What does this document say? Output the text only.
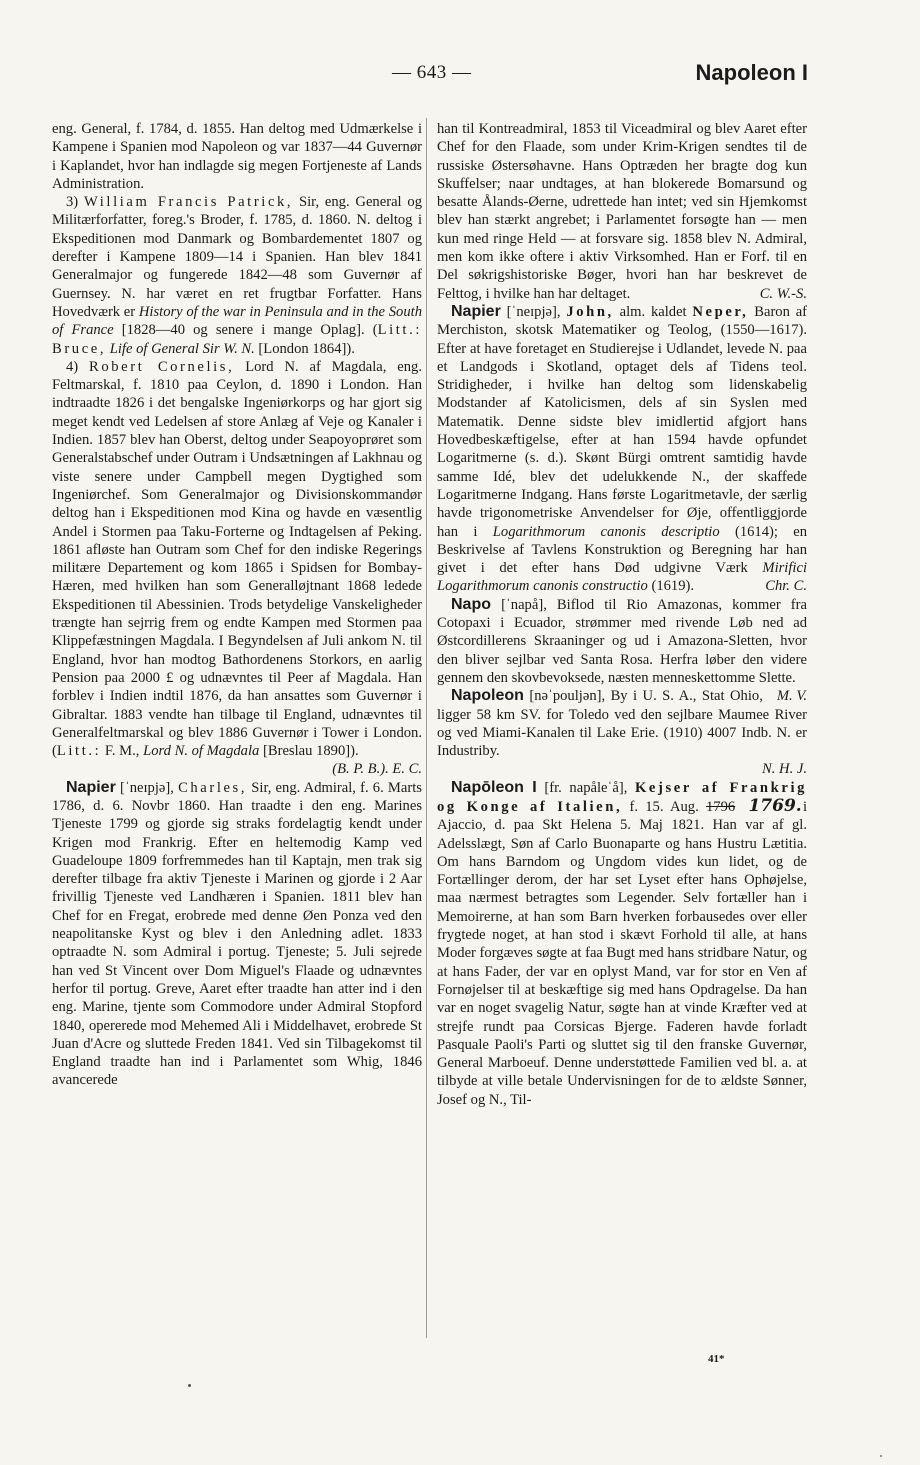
— 643 —	Napoleon I

eng. General, f. 1784, d. 1855. Han deltog med Udmærkelse i Kampene i Spanien mod Napoleon og var 1837—44 Guvernør i Kaplandet, hvor han indlagde sig megen Fortjeneste af Lands Administration.

3) William Francis Patrick, Sir, eng. General og Militærforfatter, foreg.'s Broder, f. 1785, d. 1860. N. deltog i Ekspeditionen mod Danmark og Bombardementet 1807 og derefter i Kampene 1809—14 i Spanien. Han blev 1841 Generalmajor og fungerede 1842—48 som Guvernør af Guernsey. N. har været en ret frugtbar Forfatter. Hans Hovedværk er History of the war in Peninsula and in the South of France [1828—40 og senere i mange Oplag]. (Litt.: Bruce, Life of General Sir W. N. [London 1864]).

4) Robert Cornelis, Lord N. af Magdala, eng. Feltmarskal, f. 1810 paa Ceylon, d. 1890 i London. Han indtraadte 1826 i det bengalske Ingeniørkorps og har gjort sig meget kendt ved Ledelsen af store Anlæg af Veje og Kanaler i Indien. 1857 blev han Oberst, deltog under Seapoyoprøret som Generalstabschef under Outram i Undsætningen af Lakhnau og viste senere under Campbell megen Dygtighed som Ingeniørchef. Som Generalmajor og Divisionskommandør deltog han i Ekspeditionen mod Kina og havde en væsentlig Andel i Stormen paa Taku-Forterne og Indtagelsen af Peking. 1861 afløste han Outram som Chef for den indiske Regerings militære Departement og kom 1865 i Spidsen for Bombay-Hæren, med hvilken han som Generalløjtnant 1868 ledede Ekspeditionen til Abessinien. Trods betydelige Vanskeligheder trængte han sejrrig frem og endte Kampen med Stormen paa Klippefæstningen Magdala. I Begyndelsen af Juli ankom N. til England, hvor han modtog Bathordenens Storkors, en aarlig Pension paa 2000 £ og udnævntes til Peer af Magdala. Han forblev i Indien indtil 1876, da han ansattes som Guvernør i Gibraltar. 1883 vendte han tilbage til England, udnævntes til Generalfeltmarskal og blev 1886 Guvernør i Tower i London. (Litt.: F. M., Lord N. of Magdala [Breslau 1890]).

(B. P. B.). E. C.

Napier [ˈneɪpjə], Charles, Sir, eng. Admiral, f. 6. Marts 1786, d. 6. Novbr 1860. Han traadte i den eng. Marines Tjeneste 1799 og gjorde sig straks fordelagtig kendt under Krigen mod Frankrig. Efter en heltemodig Kamp ved Guadeloupe 1809 forfremmedes han til Kaptajn, men trak sig derefter tilbage fra aktiv Tjeneste i Marinen og gjorde i 2 Aar frivillig Tjeneste ved Landhæren i Spanien. 1811 blev han Chef for en Fregat, erobrede med denne Øen Ponza ved den neapolitanske Kyst og blev i den Anledning adlet. 1833 optraadte N. som Admiral i portug. Tjeneste; 5. Juli sejrede han ved St Vincent over Dom Miguel's Flaade og udnævntes herfor til portug. Greve, Aaret efter traadte han atter ind i den eng. Marine, tjente som Commodore under Admiral Stopford 1840, opererede mod Mehemed Ali i Middelhavet, erobrede St Juan d'Acre og sluttede Freden 1841. Ved sin Tilbagekomst til England traadte han ind i Parlamentet som Whig, 1846 avancerede

han til Kontreadmiral, 1853 til Viceadmiral og blev Aaret efter Chef for den Flaade, som under Krim-Krigen sendtes til de russiske Østersøhavne. Hans Optræden her bragte dog kun Skuffelser; naar undtages, at han blokerede Bomarsund og besatte Ålands-Øerne, udrettede han intet; ved sin Hjemkomst blev han stærkt angrebet; i Parlamentet forsøgte han — men kun med ringe Held — at forsvare sig. 1858 blev N. Admiral, men kom ikke oftere i aktiv Virksomhed. Han er Forf. til en Del søkrigshistoriske Bøger, hvori han har beskrevet de Felttog, i hvilke han har deltaget.	C. W.-S.

Napier [ˈneɪpjə], John, alm. kaldet Neper, Baron af Merchiston, skotsk Matematiker og Teolog, (1550—1617). Efter at have foretaget en Studierejse i Udlandet, levede N. paa et Landgods i Skotland, optaget dels af Tidens teol. Stridigheder, i hvilke han deltog som lidenskabelig Modstander af Katolicismen, dels af sin Syslen med Matematik. Denne sidste blev imidlertid afgjort hans Hovedbeskæftigelse, efter at han 1594 havde opfundet Logaritmerne (s. d.). Skønt Bürgi omtrent samtidig havde samme Idé, blev det udelukkende N., der skaffede Logaritmerne Indgang. Hans første Logaritmetavle, der særlig havde trigonometriske Anvendelser for Øje, offentliggjorde han i Logarithmorum canonis descriptio (1614); en Beskrivelse af Tavlens Konstruktion og Beregning har han givet i det efter hans Død udgivne Værk Mirifici Logarithmorum canonis constructio (1619).	Chr. C.

Napo [ˈnapå], Biflod til Rio Amazonas, kommer fra Cotopaxi i Ecuador, strømmer med rivende Løb ned ad Østcordillerens Skraaninger og ud i Amazona-Sletten, hvor den bliver sejlbar ved Santa Rosa. Herfra løber den videre gennem den skovbevoksede, næsten menneskettomme Slette.
M. V.

Napoleon [nəˈpouljən], By i U. S. A., Stat Ohio, ligger 58 km SV. for Toledo ved den sejlbare Maumee River og ved Miami-Kanalen til Lake Erie. (1910) 4007 Indb. N. er Industriby.

N. H. J.

Napōleon I [fr. napåleˈå], Kejser af Frankrig og Konge af Italien, f. 15. Aug. 1796 1769. i Ajaccio, d. paa Skt Helena 5. Maj 1821. Han var af gl. Adelsslægt, Søn af Carlo Buonaparte og hans Hustru Lætitia. Om hans Barndom og Ungdom vides kun lidet, og de Fortællinger derom, der har set Lyset efter hans Ophøjelse, maa nærmest betragtes som Legender. Selv fortæller han i Memoirerne, at han som Barn hverken forbausedes over eller frygtede noget, at han stod i skævt Forhold til alle, at hans Moder forgæves søgte at faa Bugt med hans stridbare Natur, og at hans Fader, der var en oplyst Mand, var for stor en Ven af Fornøjelser til at beskæftige sig med hans Opdragelse. Da han var en noget svagelig Natur, søgte han at vinde Kræfter ved at strejfe rundt paa Corsicas Bjerge. Faderen havde forladt Pasquale Paoli's Parti og sluttet sig til den franske Guvernør, General Marboeuf. Denne understøttede Familien ved bl. a. at tilbyde at ville betale Undervisningen for de to ældste Sønner, Josef og N., Til-

41*
